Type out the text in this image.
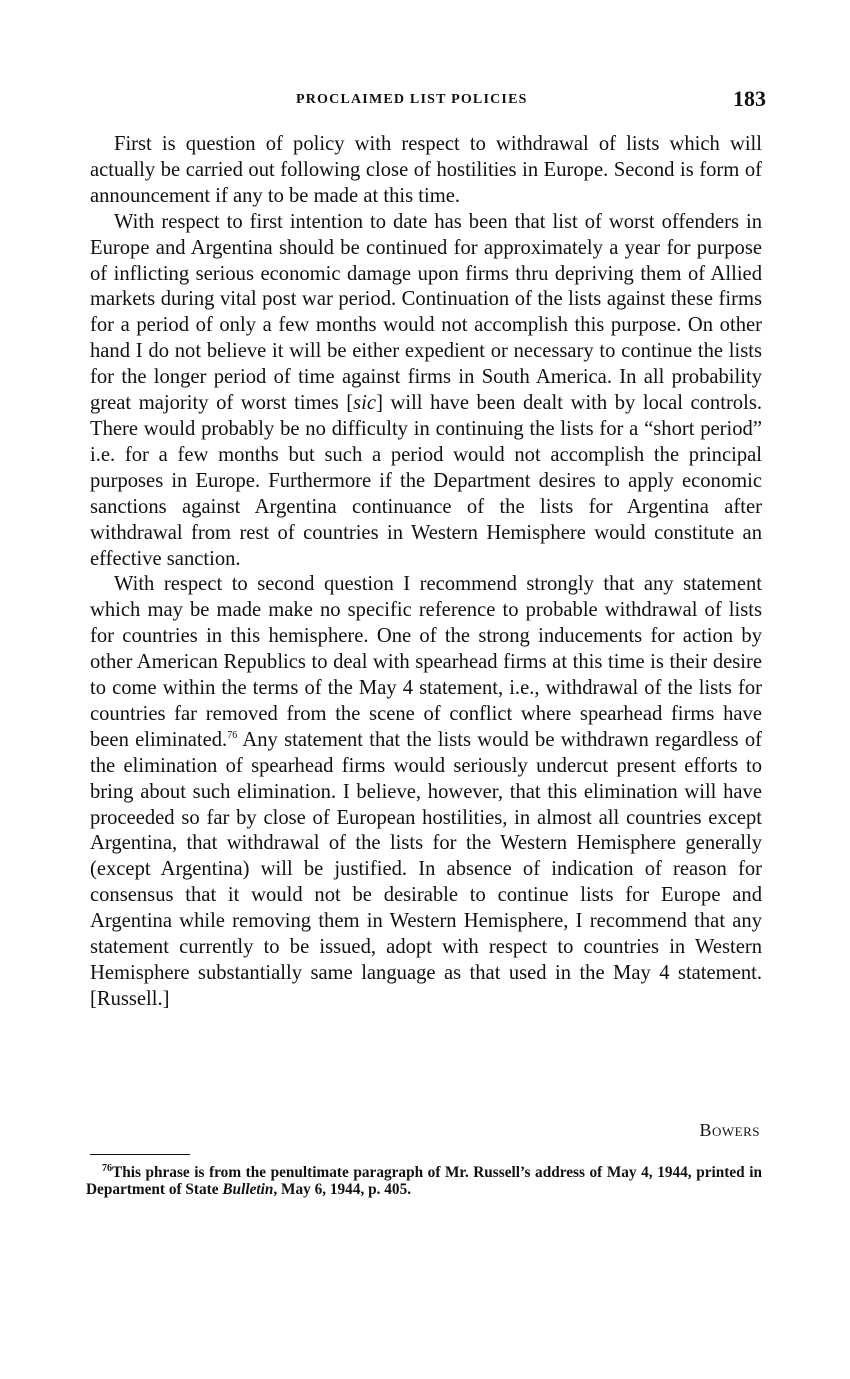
PROCLAIMED LIST POLICIES	183

First is question of policy with respect to withdrawal of lists which will actually be carried out following close of hostilities in Europe. Second is form of announcement if any to be made at this time.

With respect to first intention to date has been that list of worst offenders in Europe and Argentina should be continued for approximately a year for purpose of inflicting serious economic damage upon firms thru depriving them of Allied markets during vital post war period. Continuation of the lists against these firms for a period of only a few months would not accomplish this purpose. On other hand I do not believe it will be either expedient or necessary to continue the lists for the longer period of time against firms in South America. In all probability great majority of worst times [sic] will have been dealt with by local controls. There would probably be no difficulty in continuing the lists for a “short period” i.e. for a few months but such a period would not accomplish the principal purposes in Europe. Furthermore if the Department desires to apply economic sanctions against Argentina continuance of the lists for Argentina after withdrawal from rest of countries in Western Hemisphere would constitute an effective sanction.

With respect to second question I recommend strongly that any statement which may be made make no specific reference to probable withdrawal of lists for countries in this hemisphere. One of the strong inducements for action by other American Republics to deal with spearhead firms at this time is their desire to come within the terms of the May 4 statement, i.e., withdrawal of the lists for countries far removed from the scene of conflict where spearhead firms have been eliminated.$^{76}$ Any statement that the lists would be withdrawn regardless of the elimination of spearhead firms would seriously undercut present efforts to bring about such elimination. I believe, however, that this elimination will have proceeded so far by close of European hostilities, in almost all countries except Argentina, that withdrawal of the lists for the Western Hemisphere generally (except Argentina) will be justified. In absence of indication of reason for consensus that it would not be desirable to continue lists for Europe and Argentina while removing them in Western Hemisphere, I recommend that any statement currently to be issued, adopt with respect to countries in Western Hemisphere substantially same language as that used in the May 4 statement. [Russell.]

Bowers

$^{76}$This phrase is from the penultimate paragraph of Mr. Russell’s address of May 4, 1944, printed in Department of State Bulletin, May 6, 1944, p. 405.
